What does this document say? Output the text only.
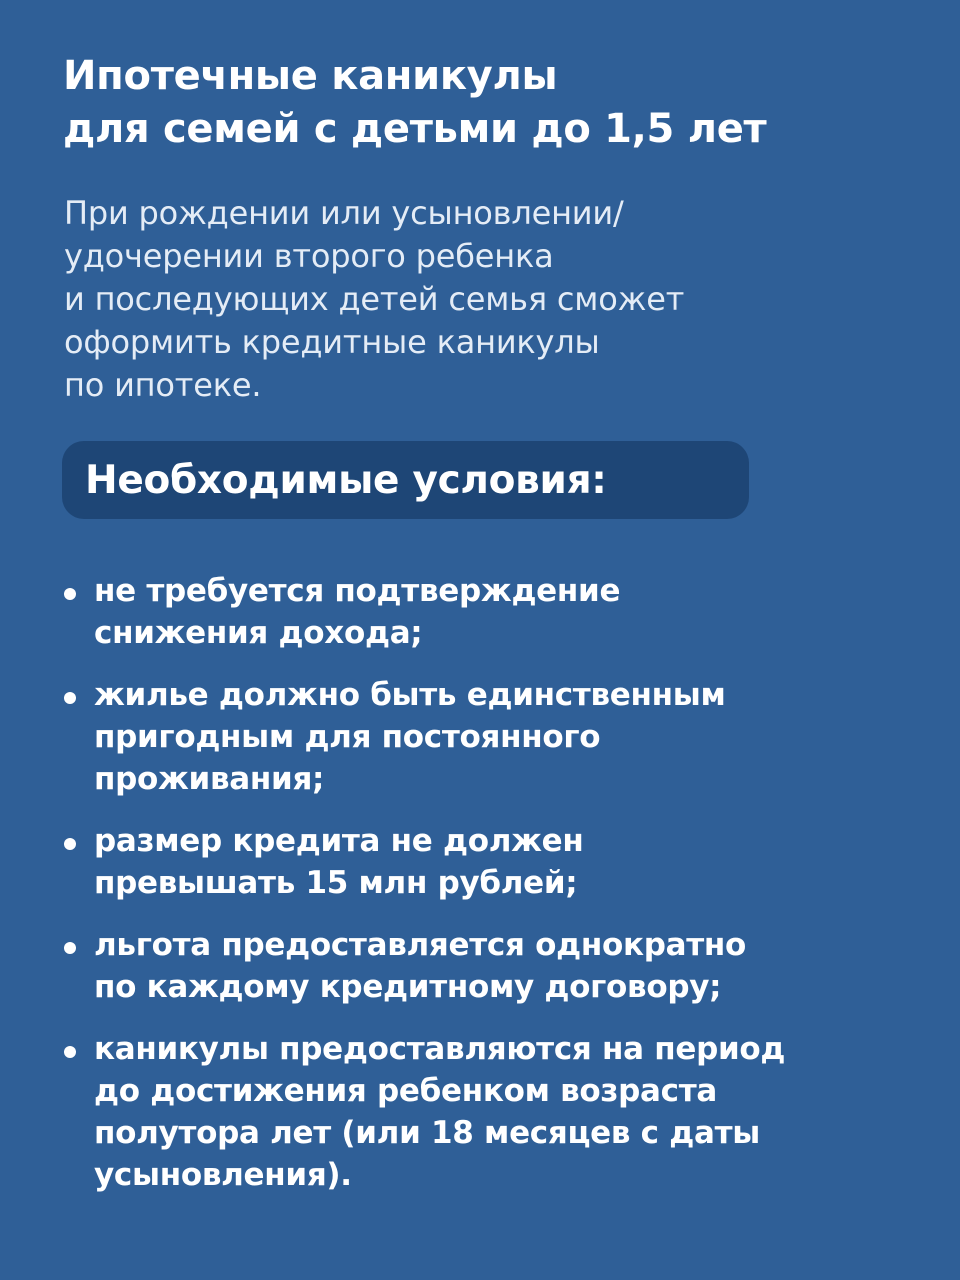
Ипотечные каникулы
для семей с детьми до 1,5 лет

При рождении или усыновлении/
удочерении второго ребенка
и последующих детей семья сможет
оформить кредитные каникулы
по ипотеке.

Необходимые условия:
не требуется подтверждение
снижения дохода;
жилье должно быть единственным
пригодным для постоянного
проживания;
размер кредита не должен
превышать 15 млн рублей;
льгота предоставляется однократно
по каждому кредитному договору;
каникулы предоставляются на период
до достижения ребенком возраста
полутора лет (или 18 месяцев с даты
усыновления).
